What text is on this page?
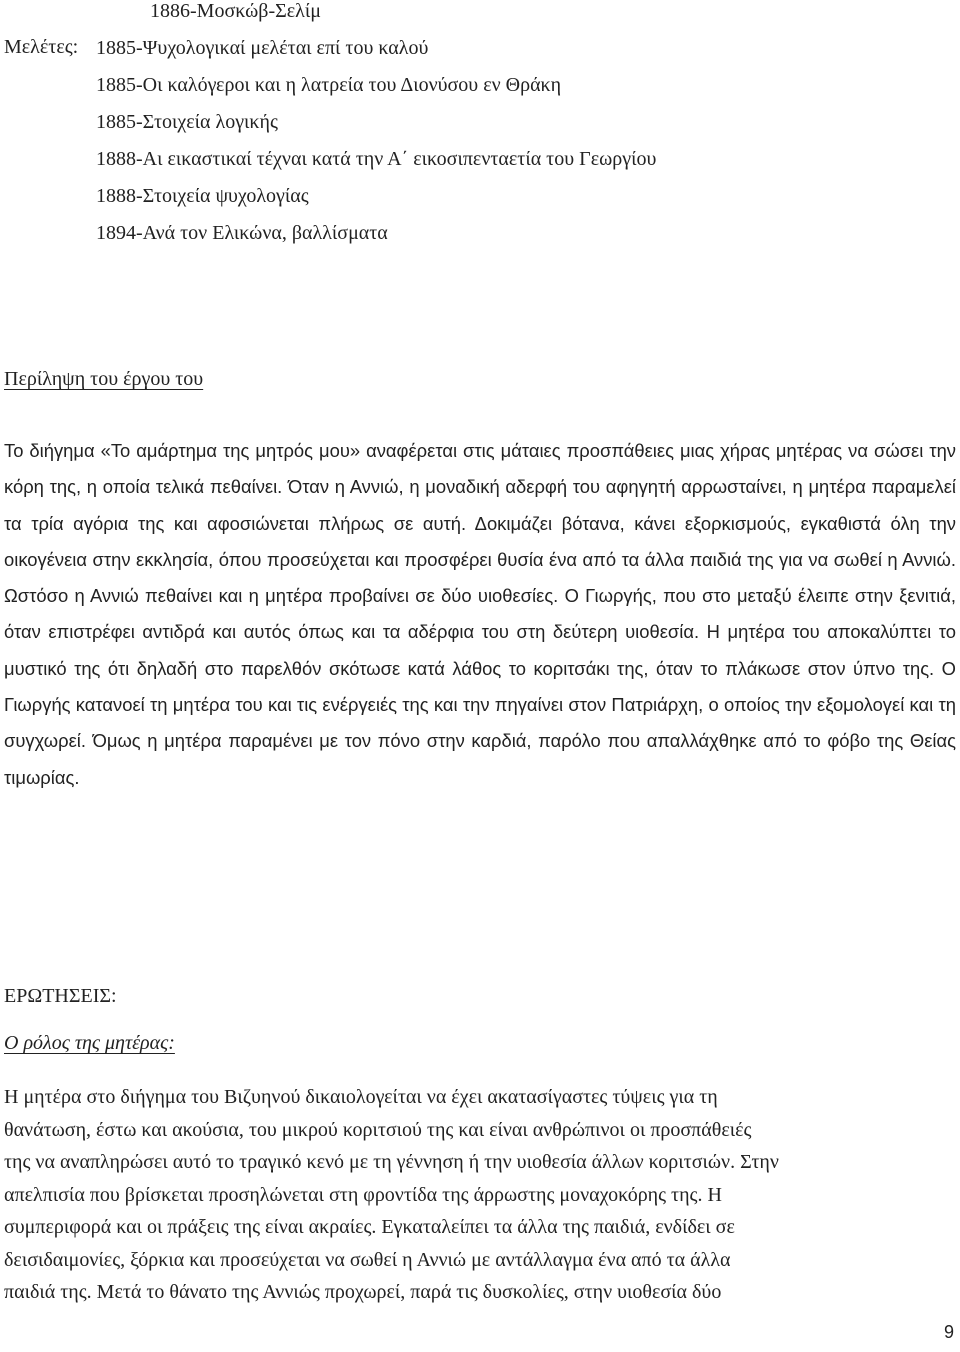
1886-Μοσκώβ-Σελίμ
1885-Ψυχολογικαί μελέται επί του καλού
1885-Οι καλόγεροι και η λατρεία του Διονύσου εν Θράκη
1885-Στοιχεία λογικής
1888-Αι εικαστικαί τέχναι κατά την Α΄ εικοσιπενταετία του Γεωργίου
1888-Στοιχεία ψυχολογίας
1894-Ανά τον Ελικώνα, βαλλίσματα
Μελέτες:
Περίληψη του έργου του
Το διήγημα «Το αμάρτημα της μητρός μου» αναφέρεται στις μάταιες προσπάθειες μιας χήρας μητέρας να σώσει την κόρη της, η οποία τελικά πεθαίνει. Όταν η Αννιώ, η μοναδική αδερφή του αφηγητή αρρωσταίνει, η μητέρα παραμελεί τα τρία αγόρια της και αφοσιώνεται πλήρως σε αυτή. Δοκιμάζει βότανα, κάνει εξορκισμούς, εγκαθιστά όλη την οικογένεια στην εκκλησία, όπου προσεύχεται και προσφέρει θυσία ένα από τα άλλα παιδιά της για να σωθεί η Αννιώ. Ωστόσο η Αννιώ πεθαίνει και η μητέρα προβαίνει σε δύο υιοθεσίες. Ο Γιωργής, που στο μεταξύ έλειπε στην ξενιτιά, όταν επιστρέφει αντιδρά και αυτός όπως και τα αδέρφια του στη δεύτερη υιοθεσία. Η μητέρα του αποκαλύπτει το μυστικό της ότι δηλαδή στο παρελθόν σκότωσε κατά λάθος το κοριτσάκι της, όταν το πλάκωσε στον ύπνο της. Ο Γιωργής κατανοεί τη μητέρα του και τις ενέργειές της και την πηγαίνει στον Πατριάρχη, ο οποίος την εξομολογεί και τη συγχωρεί. Όμως η μητέρα παραμένει με τον πόνο στην καρδιά, παρόλο που απαλλάχθηκε από το φόβο της Θείας τιμωρίας.
ΕΡΩΤΗΣΕΙΣ:
Ο ρόλος της μητέρας:
Η μητέρα στο διήγημα του Βιζυηνού δικαιολογείται να έχει ακατασίγαστες τύψεις για τη
θανάτωση, έστω και ακούσια, του μικρού κοριτσιού της και είναι ανθρώπινοι οι προσπάθειές
της να αναπληρώσει αυτό το τραγικό κενό με τη γέννηση ή την υιοθεσία άλλων κοριτσιών. Στην
απελπισία που βρίσκεται προσηλώνεται στη φροντίδα της άρρωστης μοναχοκόρης της. Η
συμπεριφορά και οι πράξεις της είναι ακραίες. Εγκαταλείπει τα άλλα της παιδιά, ενδίδει σε
δεισιδαιμονίες, ξόρκια και προσεύχεται να σωθεί η Αννιώ με αντάλλαγμα ένα από τα άλλα
παιδιά της. Μετά το θάνατο της Αννιώς προχωρεί, παρά τις δυσκολίες, στην υιοθεσία δύο
9
